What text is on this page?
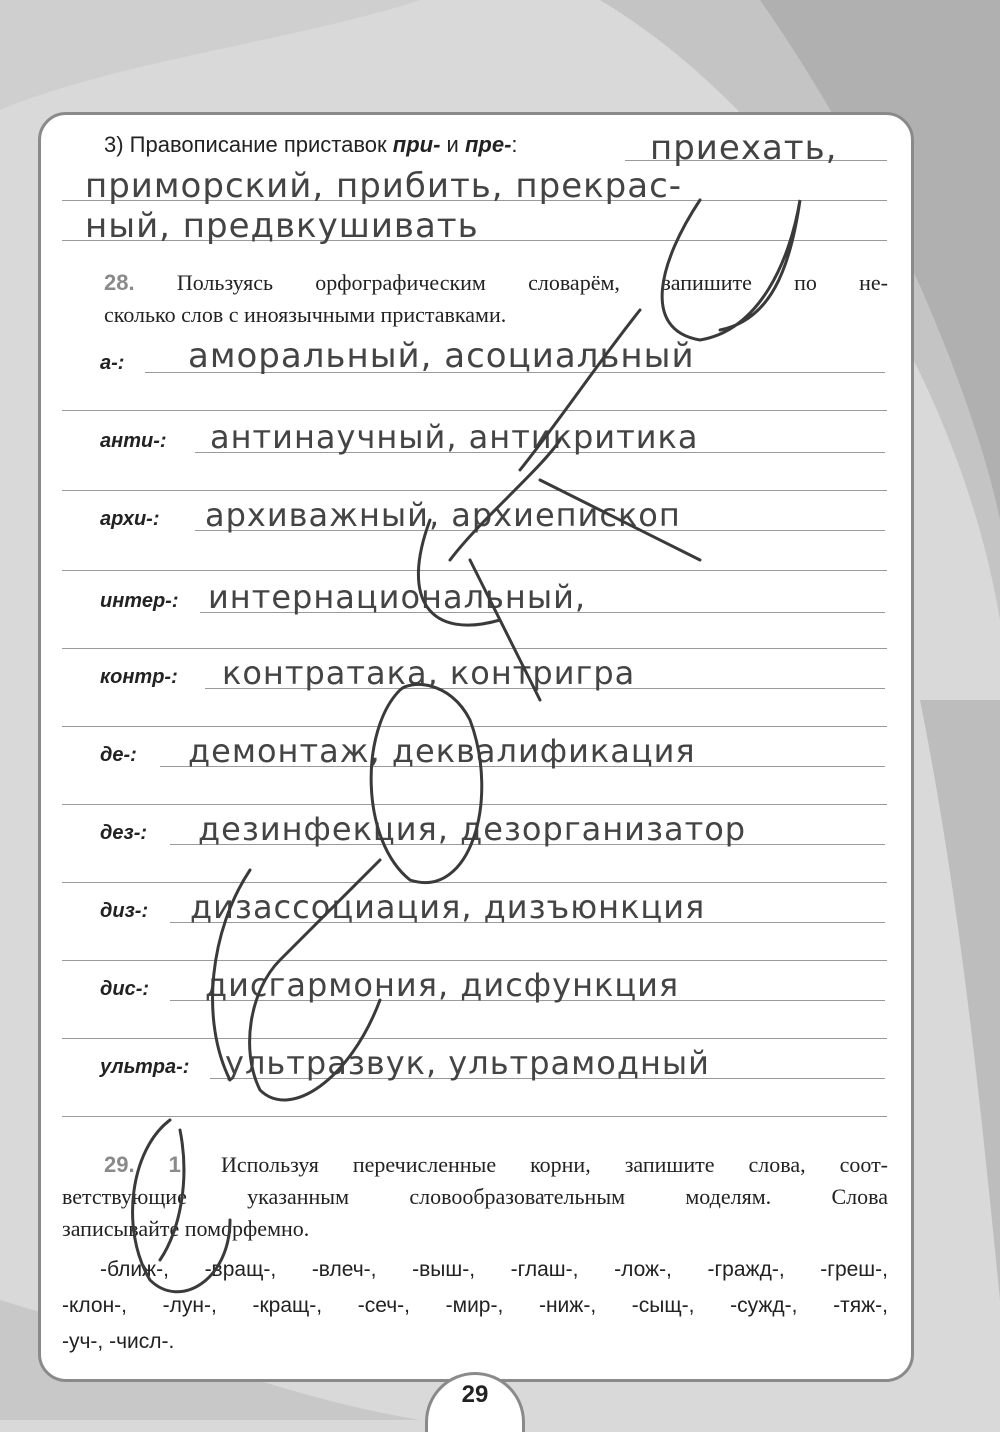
3) Правописание приставок при- и пре-:	приехать,
приморский, прибить, прекрас-
ный, предвкушивать
28. Пользуясь орфографическим словарём, запишите по не-
сколько слов с иноязычными приставками.
а-: аморальный, асоциальный
анти-: антинаучный, антикритика
архи-: архиважный, архиепископ
интер-: интернациональный,
контр-: контратака, контригра
де-: демонтаж, деквалификация
дез-: дезинфекция, дезорганизатор
диз-: дизассоциация, дизъюнкция
дис-: дисгармония, дисфункция
ультра-: ультразвук, ультрамодный
29. 1. Используя перечисленные корни, запишите слова, соот-
ветствующие указанным словообразовательным моделям. Слова
записывайте поморфемно.
-ближ-, -вращ-, -влеч-, -выш-, -глаш-, -лож-, -гражд-, -греш-,
-клон-, -лун-, -кращ-, -сеч-, -мир-, -ниж-, -сыщ-, -сужд-, -тяж-,
-уч-, -числ-.
29
